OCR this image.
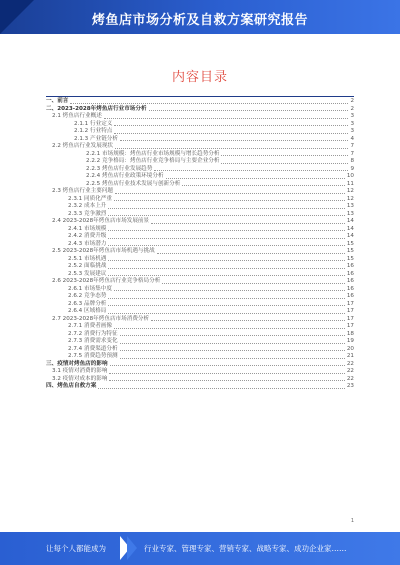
烤鱼店市场分析及自救方案研究报告
内容目录
一、前言	2
二、2023-2028年烤鱼店行业市场分析	2
2.1 烤鱼店行业概述	3
2.1.1 行业定义	3
2.1.2 行业特点	3
2.1.3 产业链分析	4
2.2 烤鱼店行业发展现状	7
2.2.1 市场规模：烤鱼店行业市场规模与增长趋势分析	7
2.2.2 竞争格局：烤鱼店行业竞争格局与主要企业分析	8
2.2.3 烤鱼店行业发展趋势	9
2.2.4 烤鱼店行业政策环境分析	10
2.2.5 烤鱼店行业技术发展与创新分析	11
2.3 烤鱼店行业主要问题	12
2.3.1 同质化严重	12
2.3.2 成本上升	13
2.3.3 竞争激烈	13
2.4 2023-2028年烤鱼店市场发展前景	14
2.4.1 市场规模	14
2.4.2 消费升级	14
2.4.3 市场潜力	15
2.5 2023-2028年烤鱼店市场机遇与挑战	15
2.5.1 市场机遇	15
2.5.2 面临挑战	16
2.5.3 发展建议	16
2.6 2023-2028年烤鱼店行业竞争格局分析	16
2.6.1 市场集中度	16
2.6.2 竞争态势	16
2.6.3 品牌分析	17
2.6.4 区域格局	17
2.7 2023-2028年烤鱼店市场消费分析	17
2.7.1 消费者画像	17
2.7.2 消费行为特征	18
2.7.3 消费需求变化	19
2.7.4 消费渠道分析	20
2.7.5 消费趋势预测	21
三、疫情对烤鱼店的影响	22
3.1 疫情对消费的影响	22
3.2 疫情对成本的影响	22
四、烤鱼店自救方案	23
1
让每个人都能成为	行业专家、管理专家、营销专家、战略专家、成功企业家……
